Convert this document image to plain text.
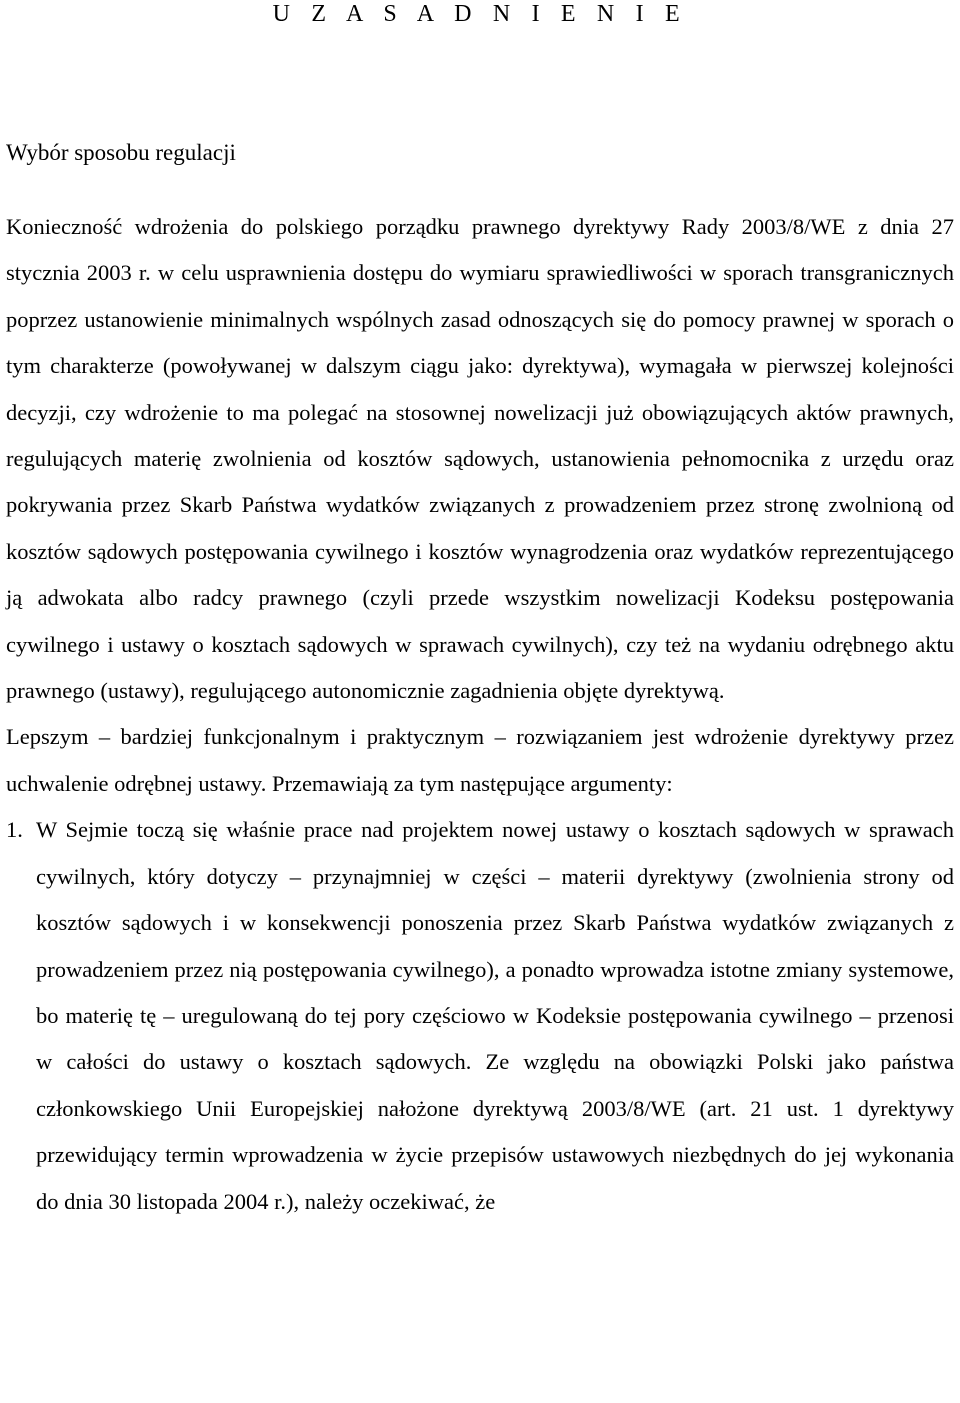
U Z A S A D N I E N I E
Wybór sposobu regulacji

Konieczność wdrożenia do polskiego porządku prawnego dyrektywy Rady 2003/8/WE z dnia 27 stycznia 2003 r. w celu usprawnienia dostępu do wymiaru sprawiedliwości w sporach transgranicznych poprzez ustanowienie minimalnych wspólnych zasad odnoszących się do pomocy prawnej w sporach o tym charakterze (powoływanej w dalszym ciągu jako: dyrektywa), wymagała w pierwszej kolejności decyzji, czy wdrożenie to ma polegać na stosownej nowelizacji już obowiązujących aktów prawnych, regulujących materię zwolnienia od kosztów sądowych, ustanowienia pełnomocnika z urzędu oraz pokrywania przez Skarb Państwa wydatków związanych z prowadzeniem przez stronę zwolnioną od kosztów sądowych postępowania cywilnego i kosztów wynagrodzenia oraz wydatków reprezentującego ją adwokata albo radcy prawnego (czyli przede wszystkim nowelizacji Kodeksu postępowania cywilnego i ustawy o kosztach sądowych w sprawach cywilnych), czy też na wydaniu odrębnego aktu prawnego (ustawy), regulującego autonomicznie zagadnienia objęte dyrektywą.

Lepszym – bardziej funkcjonalnym i praktycznym – rozwiązaniem jest wdrożenie dyrektywy przez uchwalenie odrębnej ustawy. Przemawiają za tym następujące argumenty:

1. W Sejmie toczą się właśnie prace nad projektem nowej ustawy o kosztach sądowych w sprawach cywilnych, który dotyczy – przynajmniej w części – materii dyrektywy (zwolnienia strony od kosztów sądowych i w konsekwencji ponoszenia przez Skarb Państwa wydatków związanych z prowadzeniem przez nią postępowania cywilnego), a ponadto wprowadza istotne zmiany systemowe, bo materię tę – uregulowaną do tej pory częściowo w Kodeksie postępowania cywilnego – przenosi w całości do ustawy o kosztach sądowych. Ze względu na obowiązki Polski jako państwa członkowskiego Unii Europejskiej nałożone dyrektywą 2003/8/WE (art. 21 ust. 1 dyrektywy przewidujący termin wprowadzenia w życie przepisów ustawowych niezbędnych do jej wykonania do dnia 30 listopada 2004 r.), należy oczekiwać, że
